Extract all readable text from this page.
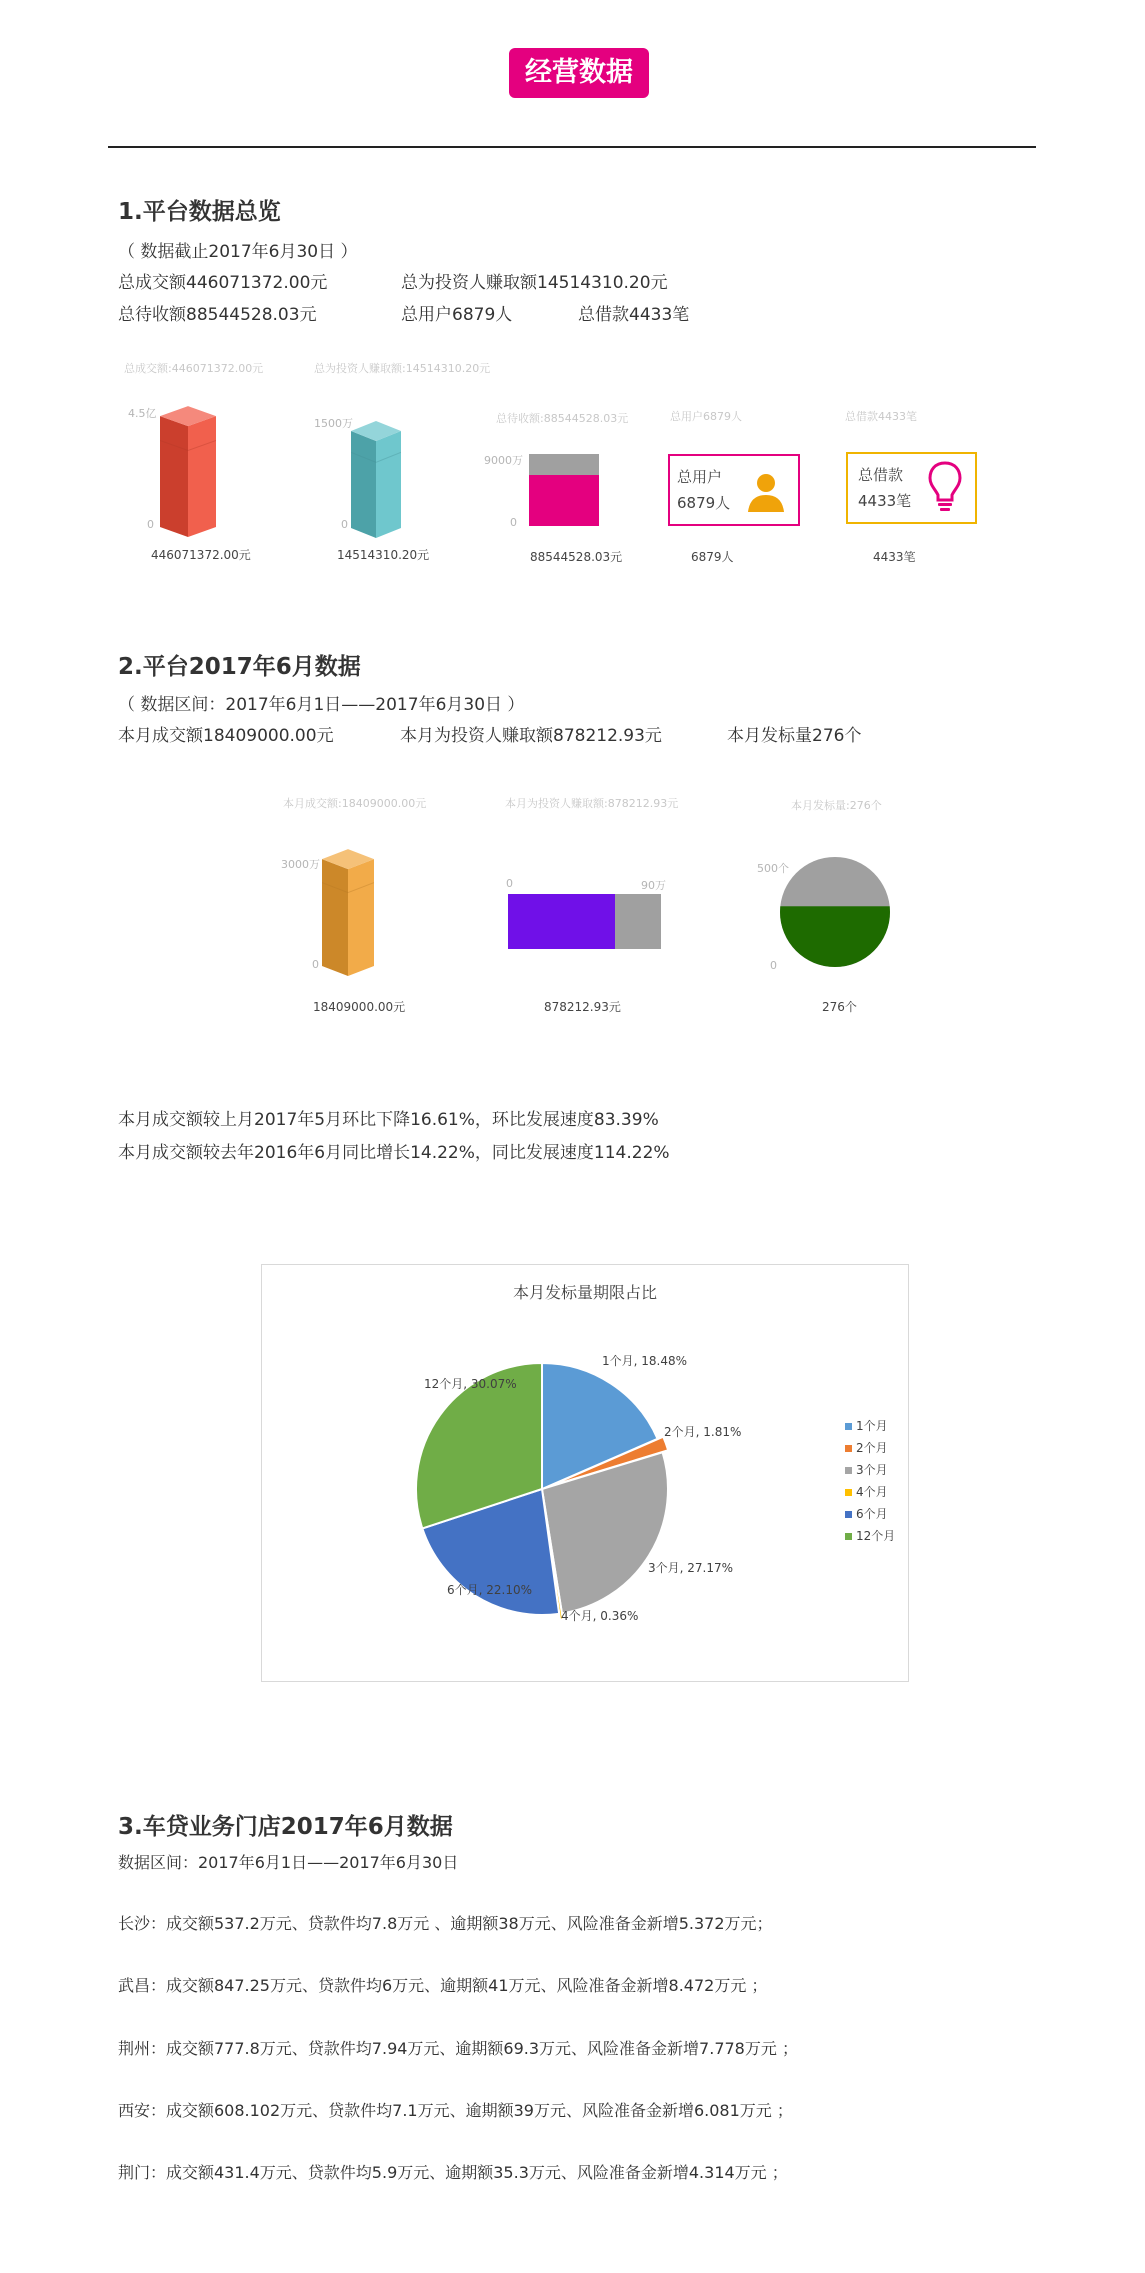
经营数据
1.平台数据总览
（ 数据截止2017年6月30日 ）
总成交额446071372.00元	总为投资人赚取额14514310.20元
总待收额88544528.03元	总用户6879人	总借款4433笔
总成交额:446071372.00元
4.5亿
0
446071372.00元
总为投资人赚取额:14514310.20元
1500万
0
14514310.20元
总待收额:88544528.03元
9000万
0
88544528.03元
总用户6879人
总用户
6879人
6879人
总借款4433笔
总借款
4433笔
4433笔
2.平台2017年6月数据
（ 数据区间：2017年6月1日——2017年6月30日 ）
本月成交额18409000.00元	本月为投资人赚取额878212.93元	本月发标量276个
本月成交额:18409000.00元
3000万
0
18409000.00元
本月为投资人赚取额:878212.93元
0	90万
878212.93元
本月发标量:276个
500个
0
276个
本月成交额较上月2017年5月环比下降16.61%，环比发展速度83.39%
本月成交额较去年2016年6月同比增长14.22%，同比发展速度114.22%
本月发标量期限占比
1个月, 18.48%
2个月, 1.81%
3个月, 27.17%
4个月, 0.36%
6个月, 22.10%
12个月, 30.07%
1个月
2个月
3个月
4个月
6个月
12个月
3.车贷业务门店2017年6月数据
数据区间：2017年6月1日——2017年6月30日
长沙：成交额537.2万元、贷款件均7.8万元 、逾期额38万元、风险准备金新增5.372万元；
武昌：成交额847.25万元、贷款件均6万元、逾期额41万元、风险准备金新增8.472万元 ；
荆州：成交额777.8万元、贷款件均7.94万元、逾期额69.3万元、风险准备金新增7.778万元 ；
西安：成交额608.102万元、贷款件均7.1万元、逾期额39万元、风险准备金新增6.081万元 ；
荆门：成交额431.4万元、贷款件均5.9万元、逾期额35.3万元、风险准备金新增4.314万元 ；
